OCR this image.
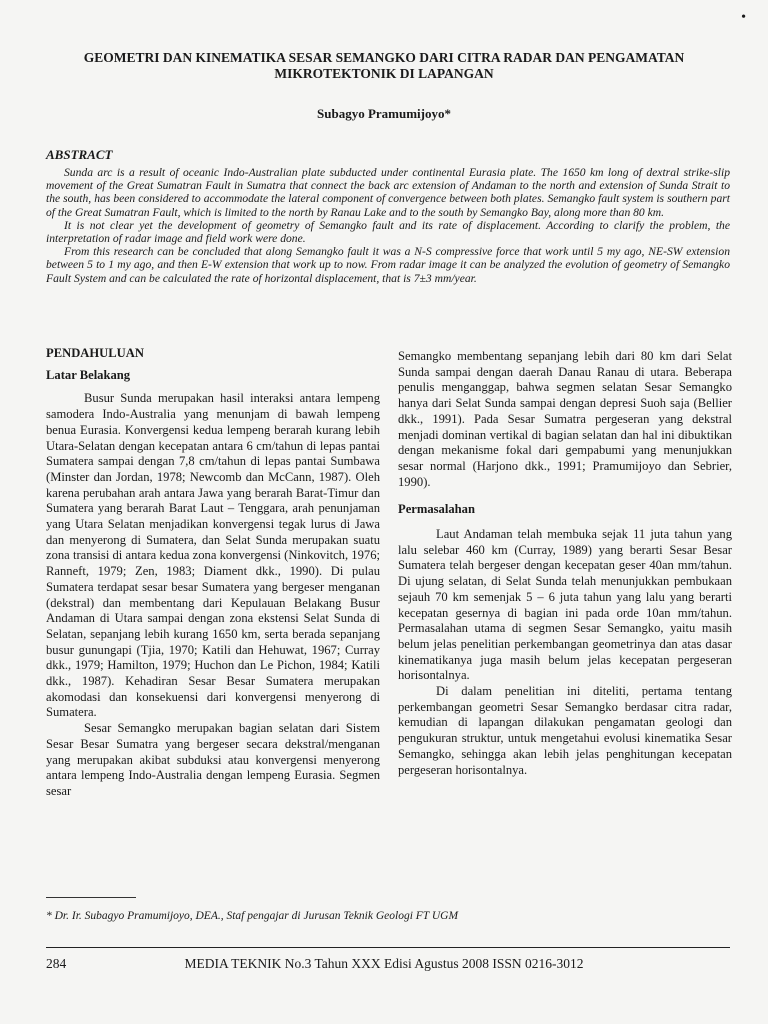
•
GEOMETRI DAN KINEMATIKA SESAR SEMANGKO DARI CITRA RADAR DAN PENGAMATAN
MIKROTEKTONIK DI LAPANGAN
Subagyo Pramumijoyo*
ABSTRACT

Sunda arc is a result of oceanic Indo-Australian plate subducted under continental Eurasia plate. The 1650 km long of dextral strike-slip movement of the Great Sumatran Fault in Sumatra that connect the back arc extension of Andaman to the north and extension of Sunda Strait to the south, has been considered to accommodate the lateral component of convergence between both plates. Semangko fault system is southern part of the Great Sumatran Fault, which is limited to the north by Ranau Lake and to the south by Semangko Bay, along more than 80 km.

It is not clear yet the development of geometry of Semangko fault and its rate of displacement. According to clarify the problem, the interpretation of radar image and field work were done.

From this research can be concluded that along Semangko fault it was a N-S compressive force that work until 5 my ago, NE-SW extension between 5 to 1 my ago, and then E-W extension that work up to now. From radar image it can be analyzed the evolution of geometry of Semangko Fault System and can be calculated the rate of horizontal displacement, that is 7±3 mm/year.

PENDAHULUAN
Latar Belakang

Busur Sunda merupakan hasil interaksi antara lempeng samodera Indo-Australia yang menunjam di bawah lempeng benua Eurasia. Konvergensi kedua lempeng berarah kurang lebih Utara-Selatan dengan kecepatan antara 6 cm/tahun di lepas pantai Sumatera sampai dengan 7,8 cm/tahun di lepas pantai Sumbawa (Minster dan Jordan, 1978; Newcomb dan McCann, 1987). Oleh karena perubahan arah antara Jawa yang berarah Barat-Timur dan Sumatera yang berarah Barat Laut – Tenggara, arah penunjaman yang Utara Selatan menjadikan konvergensi tegak lurus di Jawa dan menyerong di Sumatera, dan Selat Sunda merupakan suatu zona transisi di antara kedua zona konvergensi (Ninkovitch, 1976; Ranneft, 1979; Zen, 1983; Diament dkk., 1990). Di pulau Sumatera terdapat sesar besar Sumatera yang bergeser menganan (dekstral) dan membentang dari Kepulauan Belakang Busur Andaman di Utara sampai dengan zona ekstensi Selat Sunda di Selatan, sepanjang lebih kurang 1650 km, serta berada sepanjang busur gunungapi (Tjia, 1970; Katili dan Hehuwat, 1967; Curray dkk., 1979; Hamilton, 1979; Huchon dan Le Pichon, 1984; Katili dkk., 1987). Kehadiran Sesar Besar Sumatera merupakan akomodasi dan konsekuensi dari konvergensi menyerong di Sumatera.

Sesar Semangko merupakan bagian selatan dari Sistem Sesar Besar Sumatra yang bergeser secara dekstral/menganan yang merupakan akibat subduksi atau konvergensi menyerong antara lempeng Indo-Australia dengan lempeng Eurasia. Segmen sesar

Semangko membentang sepanjang lebih dari 80 km dari Selat Sunda sampai dengan daerah Danau Ranau di utara. Beberapa penulis menganggap, bahwa segmen selatan Sesar Semangko hanya dari Selat Sunda sampai dengan depresi Suoh saja (Bellier dkk., 1991). Pada Sesar Sumatra pergeseran yang dekstral menjadi dominan vertikal di bagian selatan dan hal ini dibuktikan dengan mekanisme fokal dari gempabumi yang menunjukkan sesar normal (Harjono dkk., 1991; Pramumijoyo dan Sebrier, 1990).

Permasalahan

Laut Andaman telah membuka sejak 11 juta tahun yang lalu selebar 460 km (Curray, 1989) yang berarti Sesar Besar Sumatera telah bergeser dengan kecepatan geser 40an mm/tahun. Di ujung selatan, di Selat Sunda telah menunjukkan pembukaan sejauh 70 km semenjak 5 – 6 juta tahun yang lalu yang berarti kecepatan gesernya di bagian ini pada orde 10an mm/tahun. Permasalahan utama di segmen Sesar Semangko, yaitu masih belum jelas penelitian perkembangan geometrinya dan atas dasar kinematikanya juga masih belum jelas kecepatan pergeseran horisontalnya.

Di dalam penelitian ini diteliti, pertama tentang perkembangan geometri Sesar Semangko berdasar citra radar, kemudian di lapangan dilakukan pengamatan geologi dan pengukuran struktur, untuk mengetahui evolusi kinematika Sesar Semangko, sehingga akan lebih jelas penghitungan kecepatan pergeseran horisontalnya.

* Dr. Ir. Subagyo Pramumijoyo, DEA., Staf pengajar di Jurusan Teknik Geologi FT UGM
284	MEDIA TEKNIK No.3 Tahun XXX Edisi Agustus 2008 ISSN 0216-3012
